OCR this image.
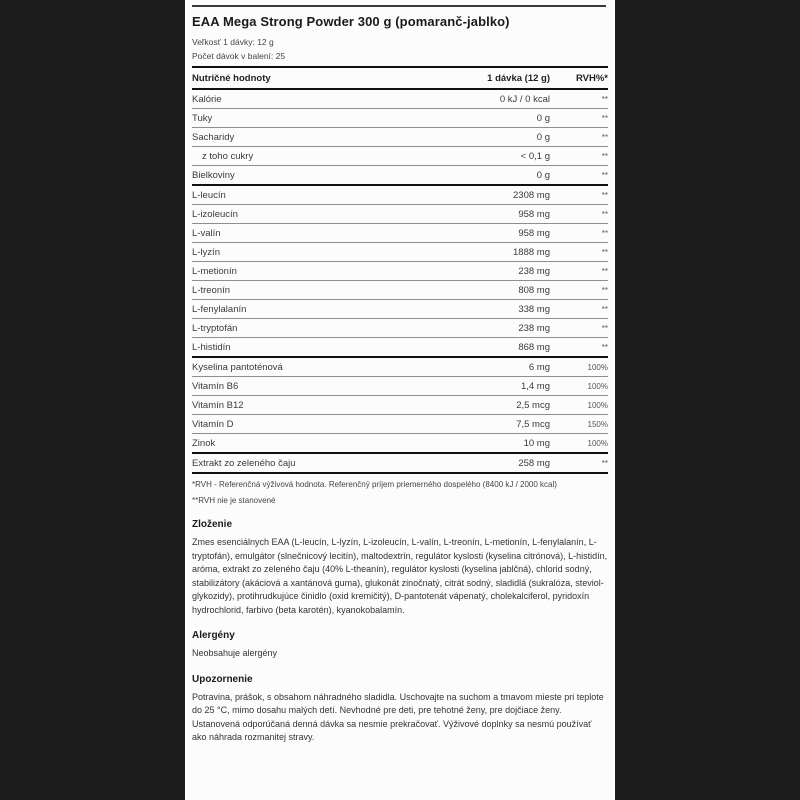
EAA Mega Strong Powder 300 g (pomaranč-jablko)
Veľkosť 1 dávky: 12 g
Počet dávok v balení: 25
Nutričné hodnoty	1 dávka (12 g)	RVH%*
Kalórie	0 kJ / 0 kcal	**
Tuky	0 g	**
Sacharidy	0 g	**
z toho cukry	< 0,1 g	**
Bielkoviny	0 g	**
L-leucín	2308 mg	**
L-izoleucín	958 mg	**
L-valín	958 mg	**
L-lyzín	1888 mg	**
L-metionín	238 mg	**
L-treonín	808 mg	**
L-fenylalanín	338 mg	**
L-tryptofán	238 mg	**
L-histidín	868 mg	**
Kyselina pantoténová	6 mg	100%
Vitamín B6	1,4 mg	100%
Vitamín B12	2,5 mcg	100%
Vitamín D	7,5 mcg	150%
Zinok	10 mg	100%
Extrakt zo zeleného čaju	258 mg	**

*RVH - Referenčná výživová hodnota. Referenčný príjem priemerného dospelého (8400 kJ / 2000 kcal)

**RVH nie je stanovené

Zloženie

Zmes esenciálnych EAA (L-leucín, L-lyzín, L-izoleucín, L-valín, L-treonín, L-metionín, L-fenylalanín, L-tryptofán), emulgátor (slnečnicový lecitín), maltodextrín, regulátor kyslosti (kyselina citrónová), L-histidín, aróma, extrakt zo zeleného čaju (40% L-theanín), regulátor kyslosti (kyselina jablčná), chlorid sodný, stabilizátory (akáciová a xantánová guma), glukonát zinočnatý, citrát sodný, sladidlá (sukralóza, steviol-glykozidy), protihrudkujúce činidlo (oxid kremičitý), D-pantotenát vápenatý, cholekalciferol, pyridoxín hydrochlorid, farbivo (beta karotén), kyanokobalamín.

Alergény

Neobsahuje alergény

Upozornenie

Potravina, prášok, s obsahom náhradného sladidla. Uschovajte na suchom a tmavom mieste pri teplote do 25 °C, mimo dosahu malých detí. Nevhodné pre deti, pre tehotné ženy, pre dojčiace ženy. Ustanovená odporúčaná denná dávka sa nesmie prekračovať. Výživové doplnky sa nesmú používať ako náhrada rozmanitej stravy.
